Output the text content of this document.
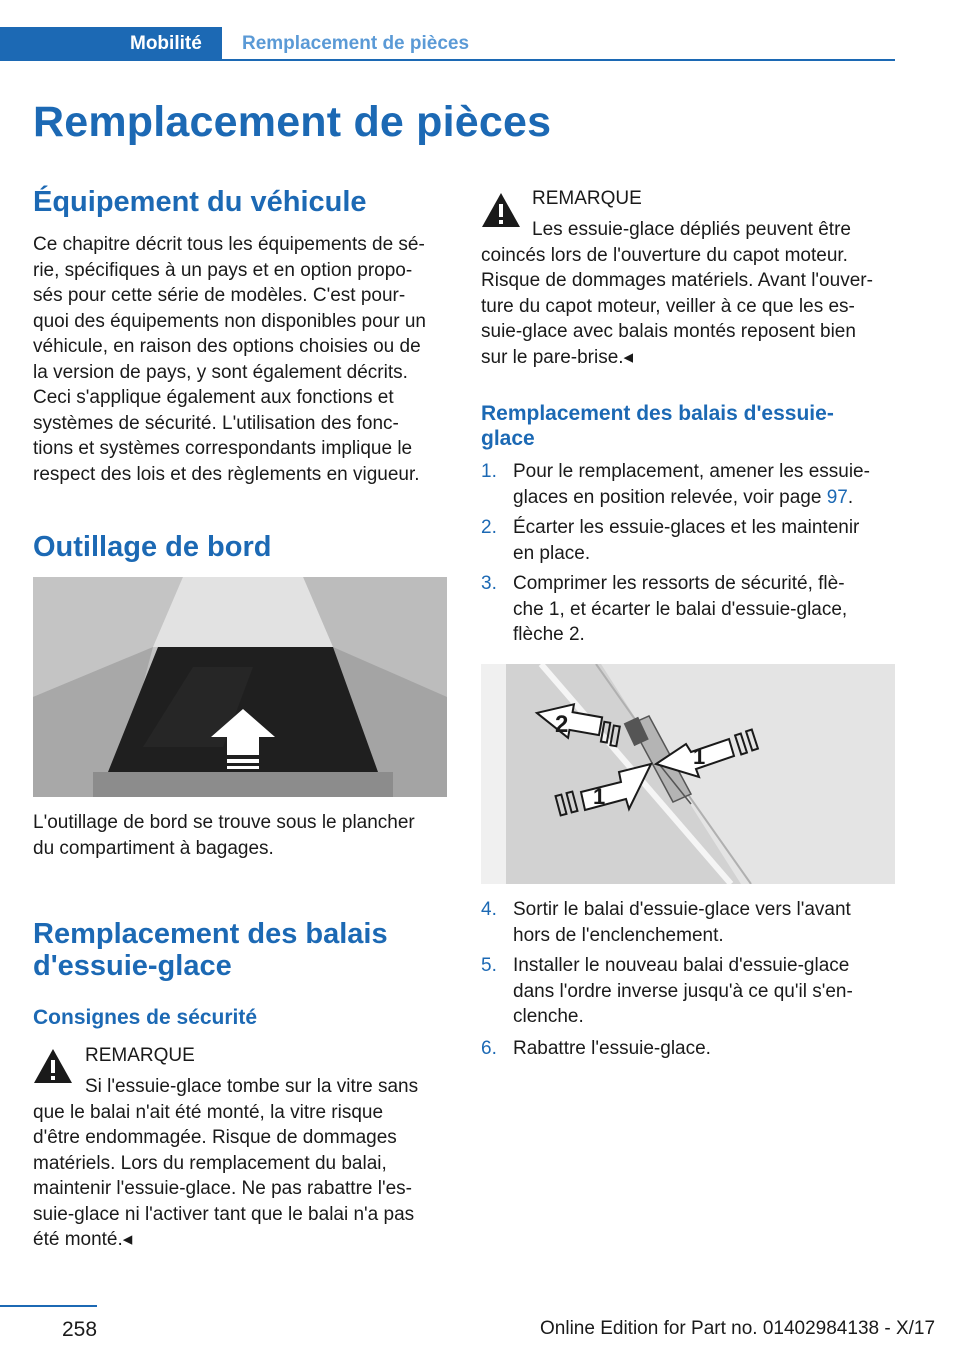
Mobilité Remplacement de pièces
Remplacement de pièces
Équipement du véhicule
Ce chapitre décrit tous les équipements de sé‐
rie, spécifiques à un pays et en option propo‐
sés pour cette série de modèles. C'est pour‐
quoi des équipements non disponibles pour un
véhicule, en raison des options choisies ou de
la version de pays, y sont également décrits.
Ceci s'applique également aux fonctions et
systèmes de sécurité. L'utilisation des fonc‐
tions et systèmes correspondants implique le
respect des lois et des règlements en vigueur.
Outillage de bord
L'outillage de bord se trouve sous le plancher
du compartiment à bagages.
Remplacement des balais
d'essuie-glace
Consignes de sécurité
REMARQUE
Si l'essuie-glace tombe sur la vitre sans
que le balai n'ait été monté, la vitre risque
d'être endommagée. Risque de dommages
matériels. Lors du remplacement du balai,
maintenir l'essuie-glace. Ne pas rabattre l'es‐
suie-glace ni l'activer tant que le balai n'a pas
été monté.◂
REMARQUE
Les essuie-glace dépliés peuvent être
coincés lors de l'ouverture du capot moteur.
Risque de dommages matériels. Avant l'ouver‐
ture du capot moteur, veiller à ce que les es‐
suie-glace avec balais montés reposent bien
sur le pare-brise.◂
Remplacement des balais d'essuie-
glace
1. Pour le remplacement, amener les essuie-
glaces en position relevée, voir page 97.
2. Écarter les essuie-glaces et les maintenir
en place.
3. Comprimer les ressorts de sécurité, flè‐
che 1, et écarter le balai d'essuie-glace,
flèche 2.
2
1
1
4. Sortir le balai d'essuie-glace vers l'avant
hors de l'enclenchement.
5. Installer le nouveau balai d'essuie-glace
dans l'ordre inverse jusqu'à ce qu'il s'en‐
clenche.
6. Rabattre l'essuie-glace.
258	Online Edition for Part no. 01402984138 - X/17
